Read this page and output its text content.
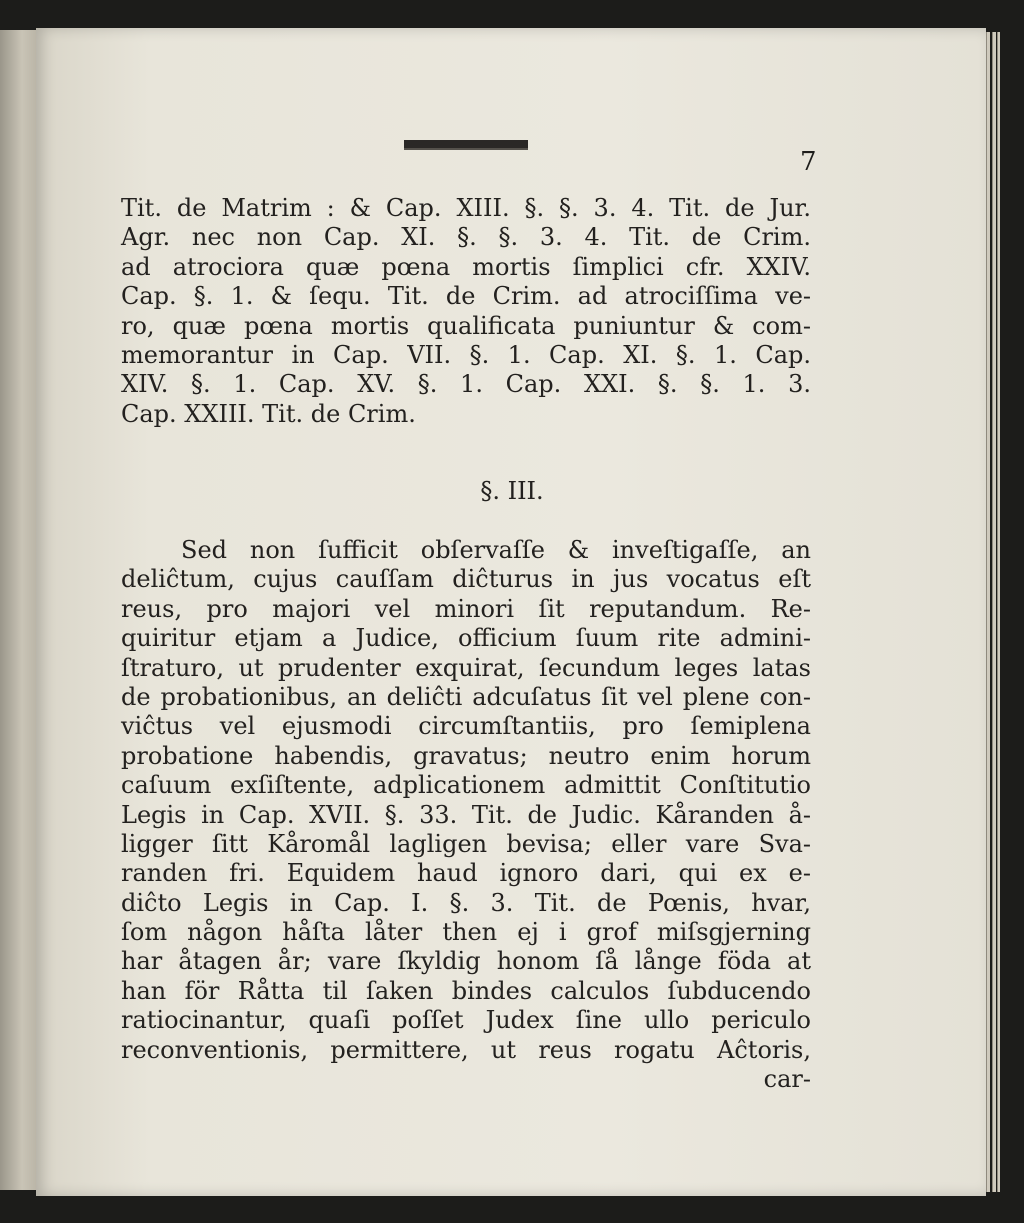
7
Tit. de Matrim : & Cap. XIII. §. §. 3. 4. Tit. de Jur.
Agr. nec non Cap. XI. §. §. 3. 4. Tit. de Crim.
ad atrociora quæ pœna mortis ſimplici cfr. XXIV.
Cap. §. 1. & ſequ. Tit. de Crim. ad atrociſſima ve-
ro, quæ pœna mortis qualificata puniuntur & com-
memorantur in Cap. VII. §. 1. Cap. XI. §. 1. Cap.
XIV. §. 1. Cap. XV. §. 1. Cap. XXI. §. §. 1. 3.
Cap. XXIII. Tit. de Crim.
§. III.
Sed non ſufficit obſervaſſe & inveſtigaſſe, an
deliĉtum, cujus cauſſam diĉturus in jus vocatus eſt
reus, pro majori vel minori ſit reputandum. Re-
quiritur etjam a Judice, officium ſuum rite admini-
ſtraturo, ut prudenter exquirat, ſecundum leges latas
de probationibus, an deliĉti adcuſatus ſit vel plene con-
viĉtus vel ejusmodi circumſtantiis, pro ſemiplena
probatione habendis, gravatus; neutro enim horum
caſuum exſiſtente, adplicationem admittit Conſtitutio
Legis in Cap. XVII. §. 33. Tit. de Judic. Kåranden å-
ligger ſitt Kåromål lagligen bevisa; eller vare Sva-
randen fri. Equidem haud ignoro dari, qui ex e-
diĉto Legis in Cap. I. §. 3. Tit. de Pœnis, hvar,
ſom någon håſta låter then ej i grof miſsgjerning
har åtagen år; vare ſkyldig honom ſå långe föda at
han för Råtta til ſaken bindes calculos ſubducendo
ratiocinantur, quaſi poſſet Judex ſine ullo periculo
reconventionis, permittere, ut reus rogatu Aĉtoris,
car-
